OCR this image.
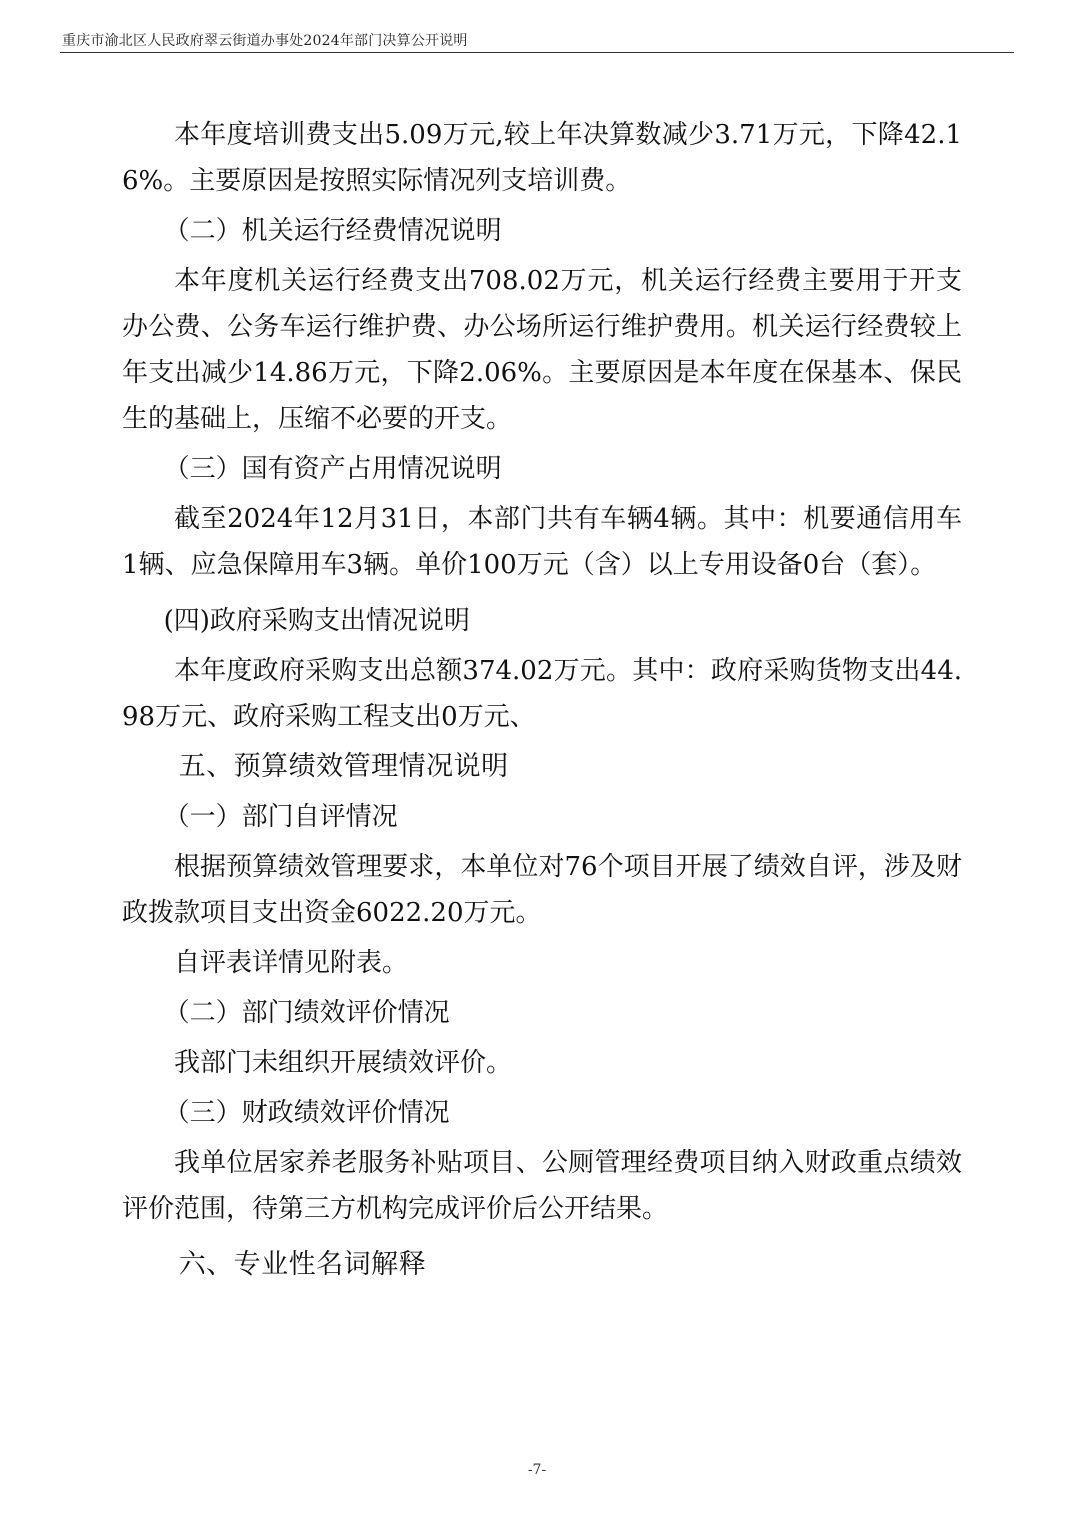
重庆市渝北区人民政府翠云街道办事处2024年部门决算公开说明

本年度培训费支出5.09万元,较上年决算数减少3.71万元，下降42.16%。主要原因是按照实际情况列支培训费。

（二）机关运行经费情况说明

本年度机关运行经费支出708.02万元，机关运行经费主要用于开支办公费、公务车运行维护费、办公场所运行维护费用。机关运行经费较上年支出减少14.86万元，下降2.06%。主要原因是本年度在保基本、保民生的基础上，压缩不必要的开支。

（三）国有资产占用情况说明

截至2024年12月31日，本部门共有车辆4辆。其中：机要通信用车1辆、应急保障用车3辆。单价100万元（含）以上专用设备0台（套）。

(四)政府采购支出情况说明

本年度政府采购支出总额374.02万元。其中：政府采购货物支出44.98万元、政府采购工程支出0万元、

五、预算绩效管理情况说明

（一）部门自评情况

根据预算绩效管理要求，本单位对76个项目开展了绩效自评，涉及财政拨款项目支出资金6022.20万元。

自评表详情见附表。

（二）部门绩效评价情况

我部门未组织开展绩效评价。

（三）财政绩效评价情况

我单位居家养老服务补贴项目、公厕管理经费项目纳入财政重点绩效评价范围，待第三方机构完成评价后公开结果。

六、专业性名词解释

-7-
